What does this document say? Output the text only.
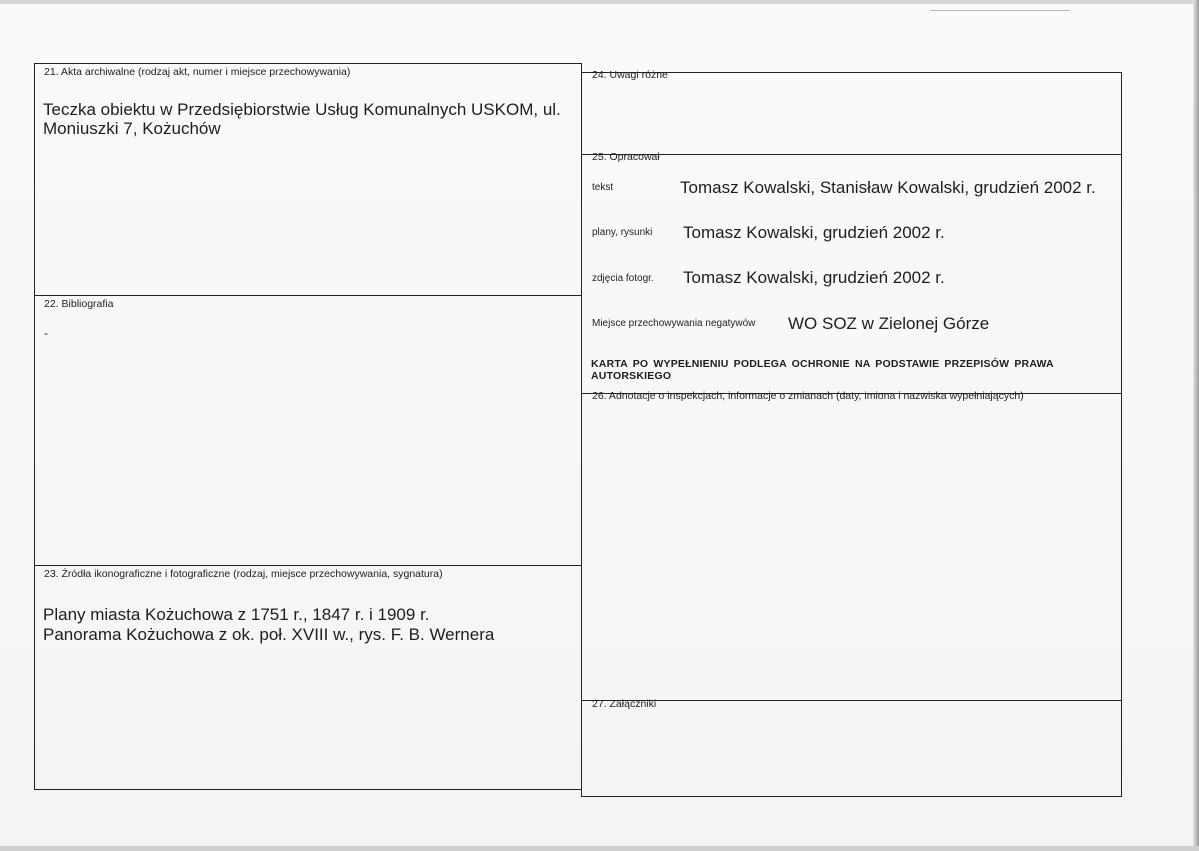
21. Akta archiwalne (rodzaj akt, numer i miejsce przechowywania)
Teczka obiektu w Przedsiębiorstwie Usług Komunalnych USKOM, ul.
Moniuszki 7, Kożuchów
22. Bibliografia
-
23. Źródła ikonograficzne i fotograficzne (rodzaj, miejsce przechowywania, sygnatura)
Plany miasta Kożuchowa z 1751 r., 1847 r. i 1909 r.
Panorama Kożuchowa z ok. poł. XVIII w., rys. F. B. Wernera
24. Uwagi różne
25. Opracował
tekst	Tomasz Kowalski, Stanisław Kowalski, grudzień 2002 r.
plany, rysunki Tomasz Kowalski, grudzień 2002 r.
zdjęcia fotogr. Tomasz Kowalski, grudzień 2002 r.
Miejsce przechowywania negatywów WO SOZ w Zielonej Górze
KARTA PO WYPEŁNIENIU PODLEGA OCHRONIE NA PODSTAWIE PRZEPISÓW PRAWA
AUTORSKIEGO
26. Adnotacje o inspekcjach, informacje o zmianach (daty, imiona i nazwiska wypełniających)
27. Załączniki
